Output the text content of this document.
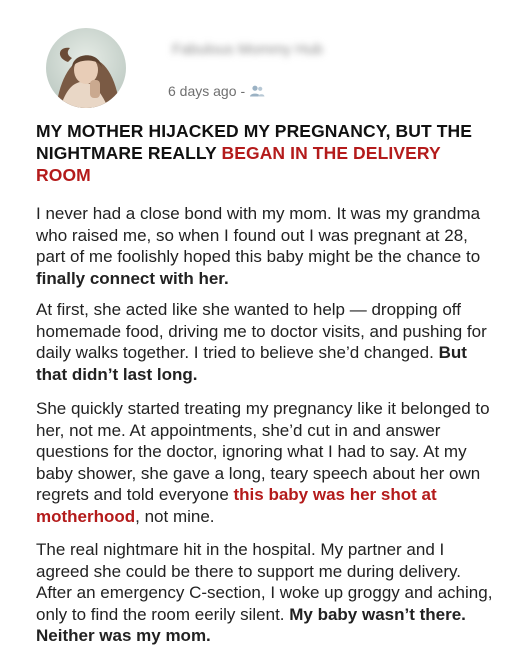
Fabulous Mommy Hub
6 days ago -
MY MOTHER HIJACKED MY PREGNANCY, BUT THE NIGHTMARE REALLY BEGAN IN THE DELIVERY ROOM

I never had a close bond with my mom. It was my grandma who raised me, so when I found out I was pregnant at 28, part of me foolishly hoped this baby might be the chance to finally connect with her.

At first, she acted like she wanted to help — dropping off homemade food, driving me to doctor visits, and pushing for daily walks together. I tried to believe she’d changed. But that didn’t last long.

She quickly started treating my pregnancy like it belonged to her, not me. At appointments, she’d cut in and answer questions for the doctor, ignoring what I had to say. At my baby shower, she gave a long, teary speech about her own regrets and told everyone this baby was her shot at motherhood, not mine.

The real nightmare hit in the hospital. My partner and I agreed she could be there to support me during delivery. After an emergency C-section, I woke up groggy and aching, only to find the room eerily silent. My baby wasn’t there. Neither was my mom.
